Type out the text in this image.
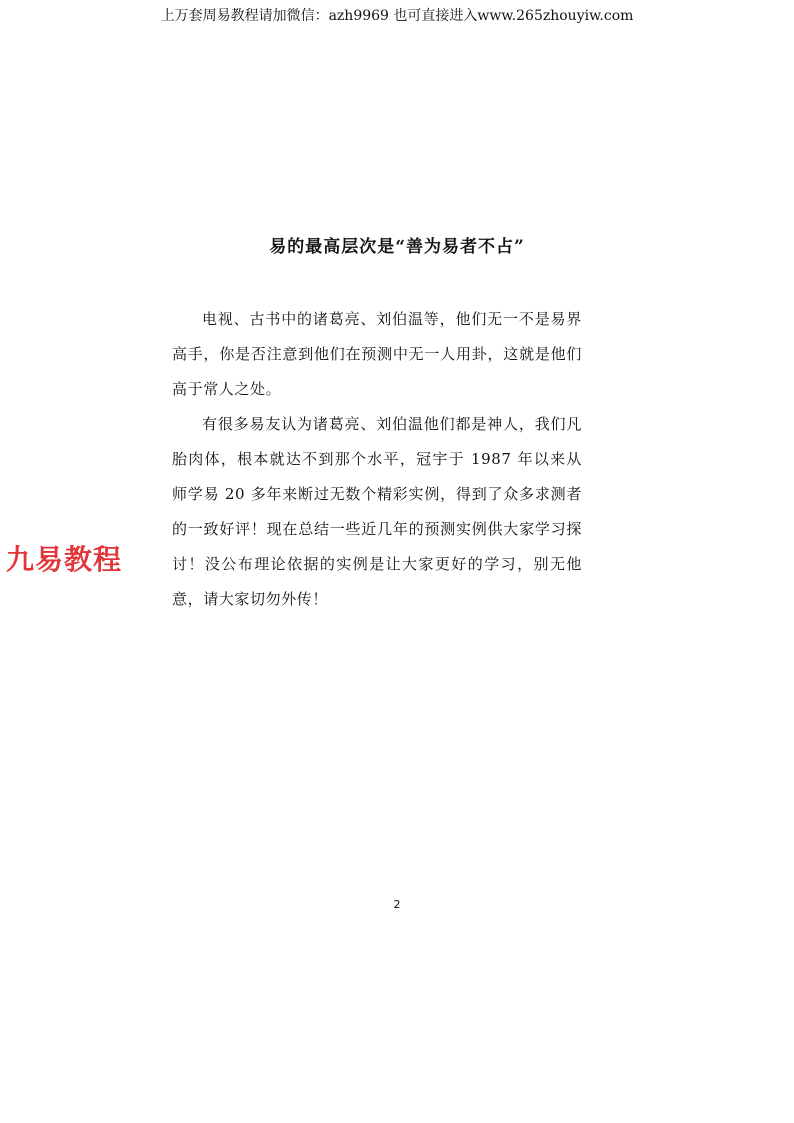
上万套周易教程请加微信：azh9969 也可直接进入www.265zhouyiw.com
易的最高层次是“善为易者不占”

电视、古书中的诸葛亮、刘伯温等，他们无一不是易界高手，你是否注意到他们在预测中无一人用卦，这就是他们高于常人之处。

有很多易友认为诸葛亮、刘伯温他们都是神人，我们凡胎肉体，根本就达不到那个水平，冠宇于 1987 年以来从师学易 20 多年来断过无数个精彩实例，得到了众多求测者的一致好评！现在总结一些近几年的预测实例供大家学习探讨！没公布理论依据的实例是让大家更好的学习，别无他意，请大家切勿外传！

九易教程
2
